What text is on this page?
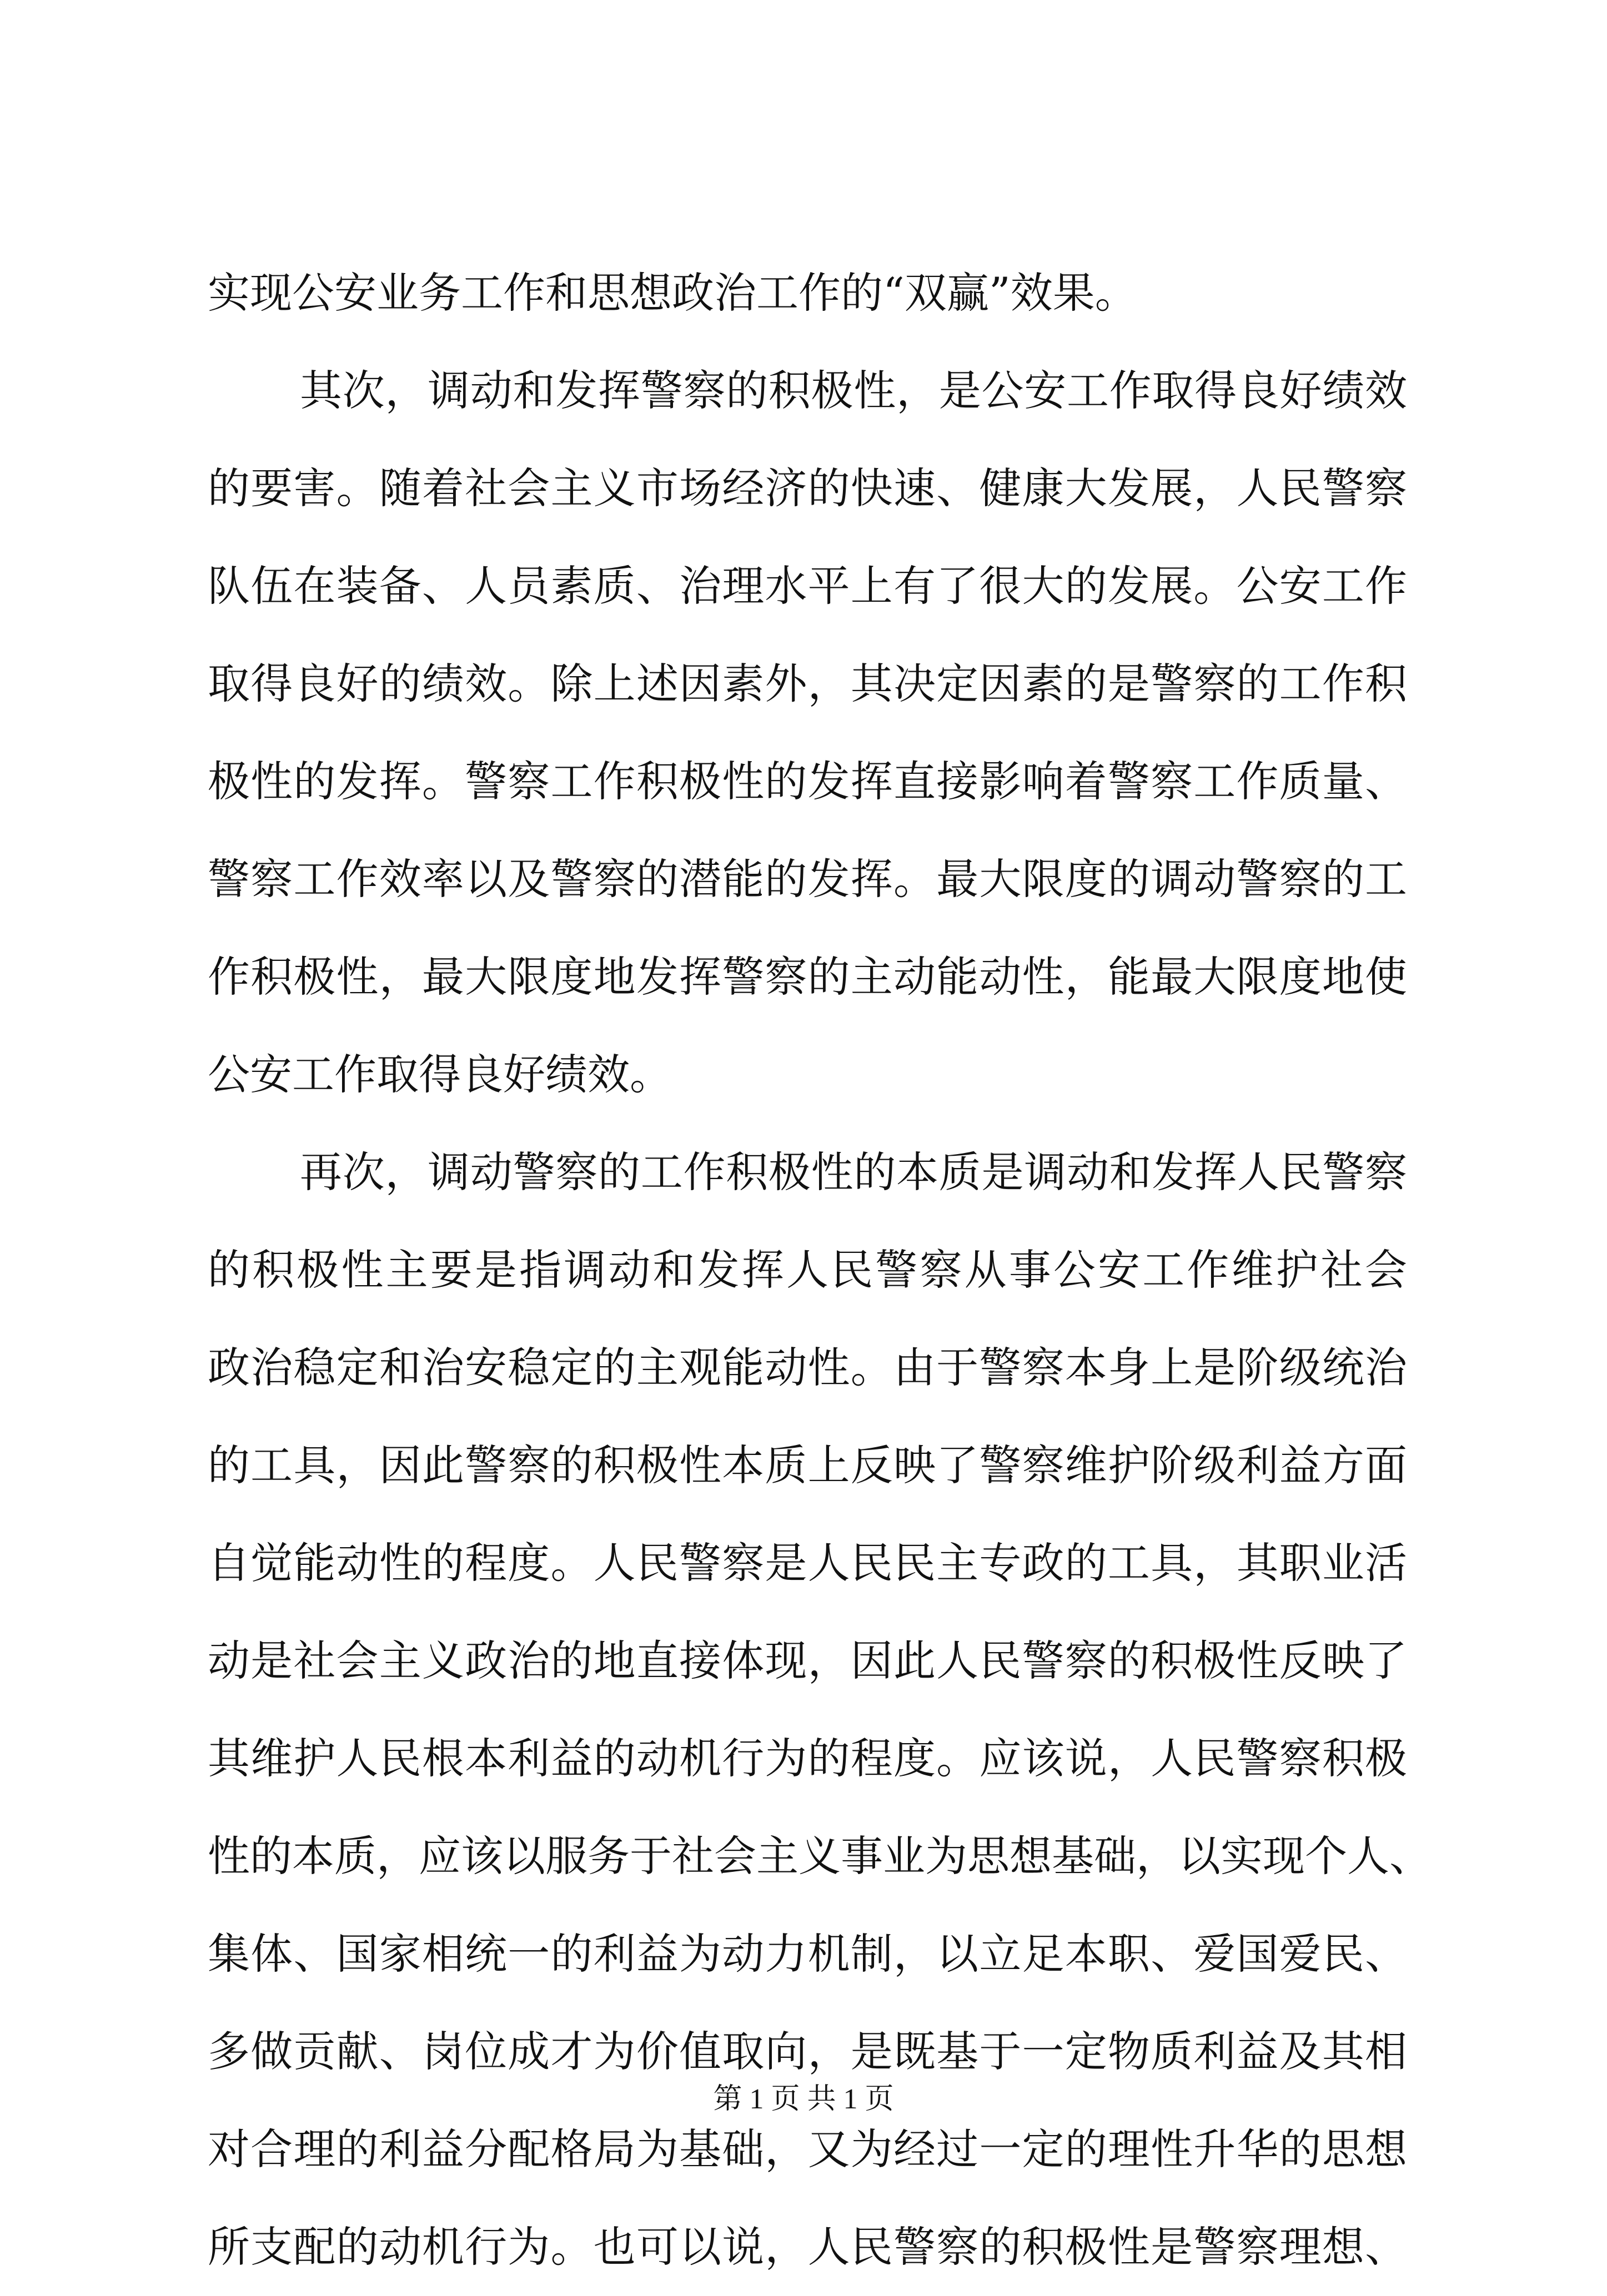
实现公安业务工作和思想政治工作的“双赢”效果。
其次，调动和发挥警察的积极性，是公安工作取得良好绩效
的要害。随着社会主义市场经济的快速、健康大发展，人民警察
队伍在装备、人员素质、治理水平上有了很大的发展。公安工作
取得良好的绩效。除上述因素外，其决定因素的是警察的工作积
极性的发挥。警察工作积极性的发挥直接影响着警察工作质量、
警察工作效率以及警察的潜能的发挥。最大限度的调动警察的工
作积极性，最大限度地发挥警察的主动能动性，能最大限度地使
公安工作取得良好绩效。
再次，调动警察的工作积极性的本质是调动和发挥人民警察
的积极性主要是指调动和发挥人民警察从事公安工作维护社会
政治稳定和治安稳定的主观能动性。由于警察本身上是阶级统治
的工具，因此警察的积极性本质上反映了警察维护阶级利益方面
自觉能动性的程度。人民警察是人民民主专政的工具，其职业活
动是社会主义政治的地直接体现，因此人民警察的积极性反映了
其维护人民根本利益的动机行为的程度。应该说，人民警察积极
性的本质，应该以服务于社会主义事业为思想基础，以实现个人、
集体、国家相统一的利益为动力机制，以立足本职、爱国爱民、
多做贡献、岗位成才为价值取向，是既基于一定物质利益及其相
对合理的利益分配格局为基础，又为经过一定的理性升华的思想
所支配的动机行为。也可以说，人民警察的积极性是警察理想、
第 1 页 共 1 页
